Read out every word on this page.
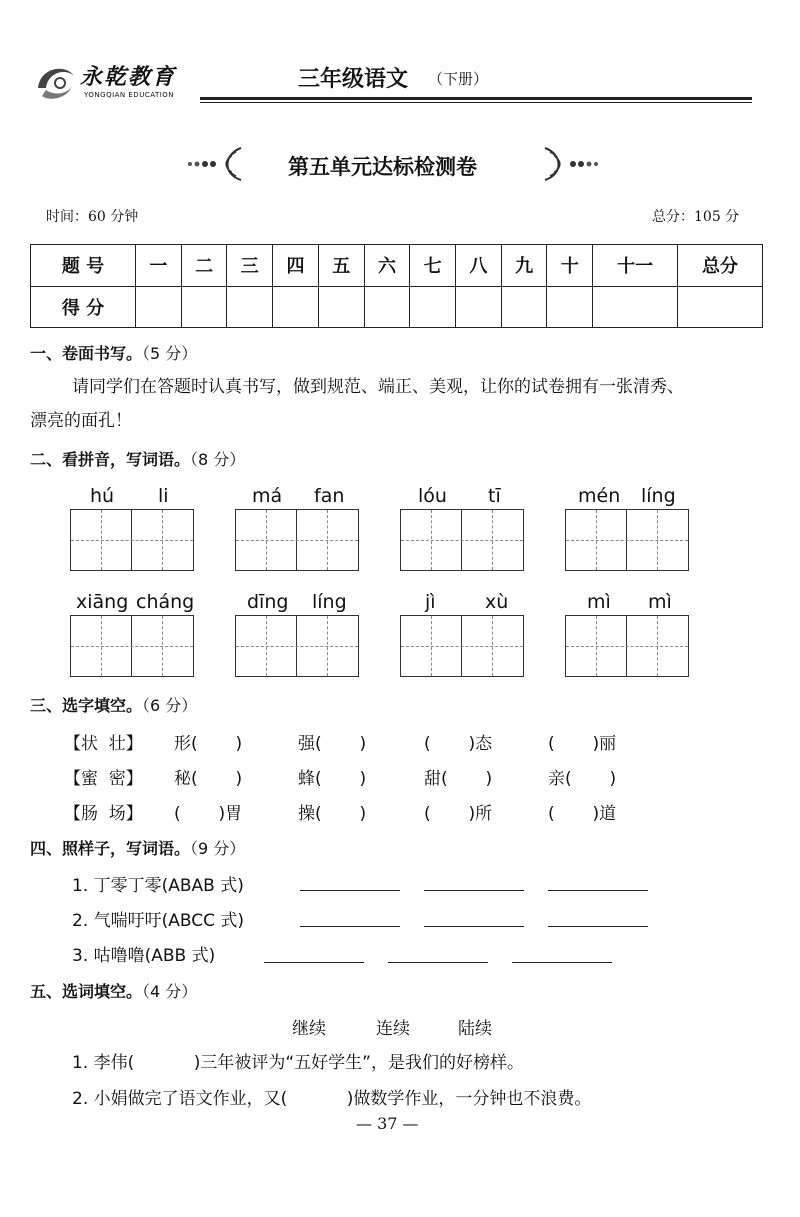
永乾教育
YONGQIAN EDUCATION
三年级语文 （下册）
第五单元达标检测卷
时间：60 分钟	总分：105 分
题 号	一	二	三	四	五	六	七	八	九	十	十一	总分
得 分												
一、卷面书写。（5 分）
请同学们在答题时认真书写，做到规范、端正、美观，让你的试卷拥有一张清秀、
漂亮的面孔！
二、看拼音，写词语。（8 分）
hú li	má fan	lóu tī	mén líng
xiāng cháng	dīng líng	jì	xù	mì mì
三、选字填空。（6 分）
【状  壮】 形(       )	强(       )	(       )态	(       )丽
【蜜  密】 秘(       )	蜂(       )	甜(       )	亲(       )
【肠  场】 (       )胃	操(       )	(       )所	(       )道
四、照样子，写词语。（9 分）
1. 丁零丁零(ABAB 式)
2. 气喘吁吁(ABCC 式)
3. 咕噜噜(ABB 式)
五、选词填空。（4 分）
继续	连续	陆续
1. 李伟(           )三年被评为“五好学生”，是我们的好榜样。
2. 小娟做完了语文作业，又(           )做数学作业，一分钟也不浪费。
— 37 —
